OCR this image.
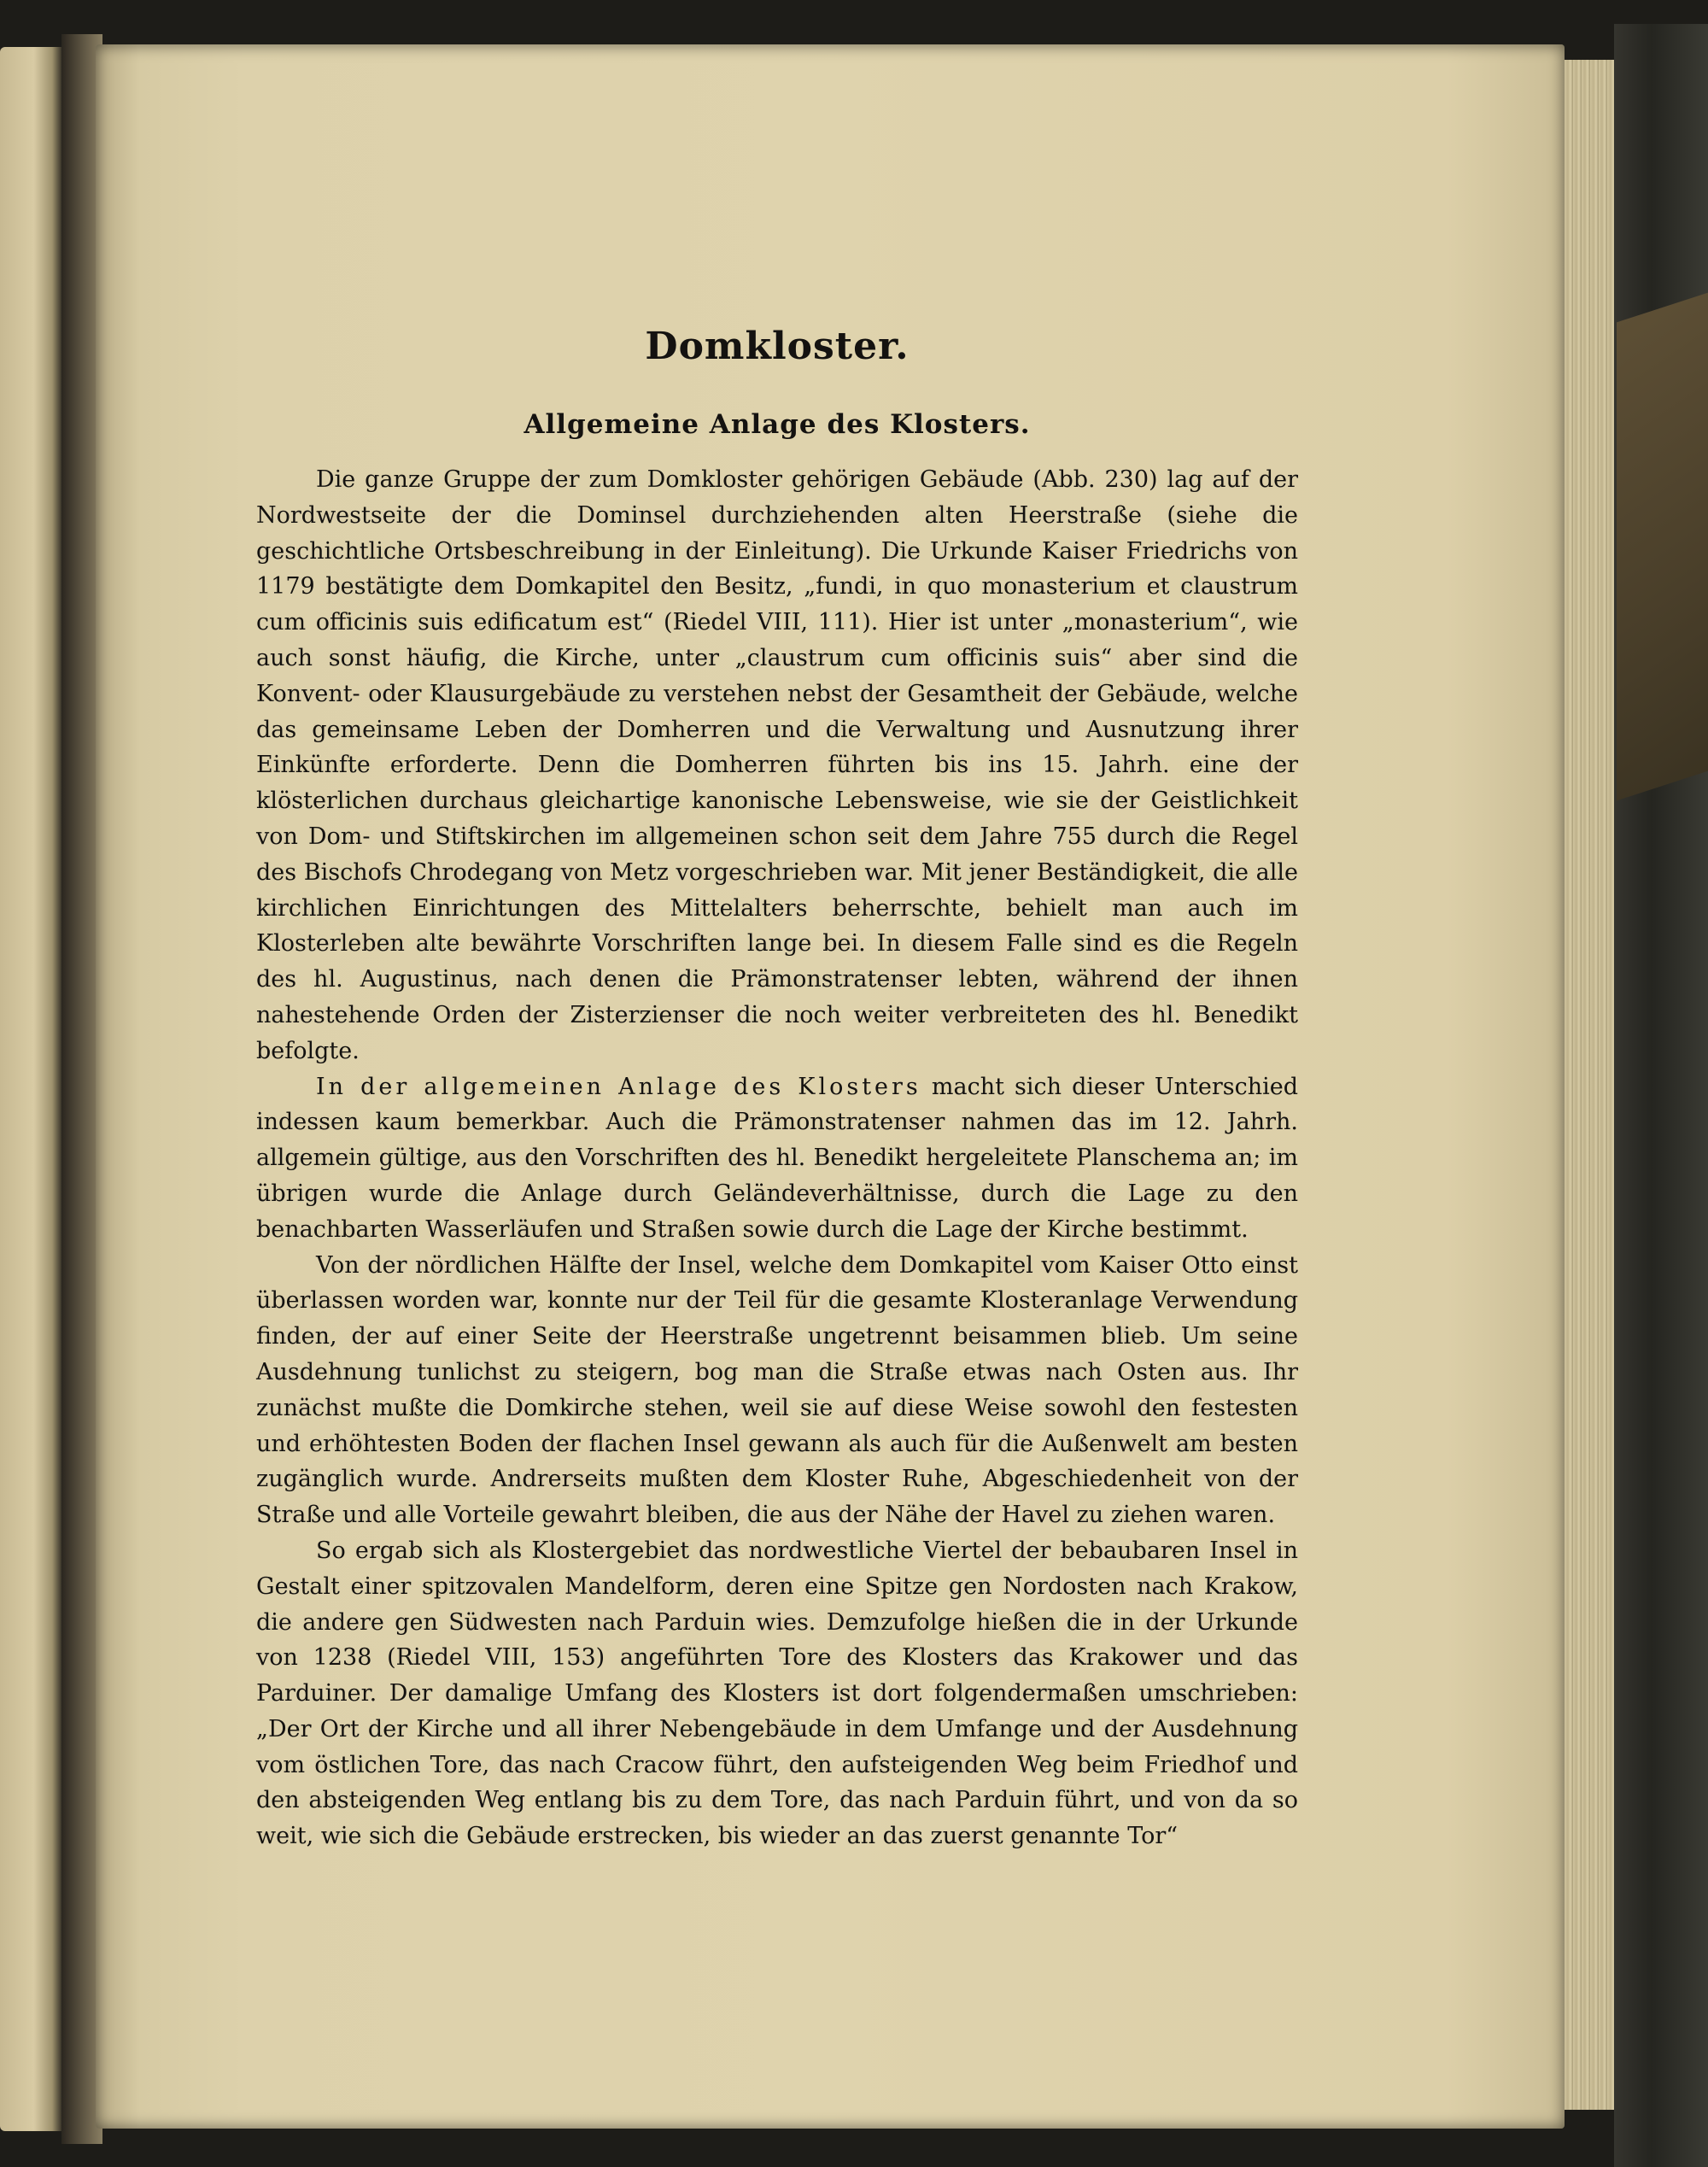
Domkloster.
Allgemeine Anlage des Klosters.

Die ganze Gruppe der zum Domkloster gehörigen Gebäude (Abb. 230) lag auf der Nordwestseite der die Dominsel durchziehenden alten Heerstraße (siehe die geschichtliche Ortsbeschreibung in der Einleitung). Die Urkunde Kaiser Friedrichs von 1179 bestätigte dem Domkapitel den Besitz, „fundi, in quo monasterium et claustrum cum officinis suis edificatum est“ (Riedel VIII, 111). Hier ist unter „monasterium“, wie auch sonst häufig, die Kirche, unter „claustrum cum officinis suis“ aber sind die Konvent- oder Klausurgebäude zu verstehen nebst der Gesamtheit der Gebäude, welche das gemeinsame Leben der Domherren und die Verwaltung und Ausnutzung ihrer Einkünfte erforderte. Denn die Domherren führten bis ins 15. Jahrh. eine der klösterlichen durchaus gleichartige kanonische Lebensweise, wie sie der Geistlichkeit von Dom- und Stiftskirchen im allgemeinen schon seit dem Jahre 755 durch die Regel des Bischofs Chrodegang von Metz vorgeschrieben war. Mit jener Beständigkeit, die alle kirchlichen Einrichtungen des Mittelalters beherrschte, behielt man auch im Klosterleben alte bewährte Vorschriften lange bei. In diesem Falle sind es die Regeln des hl. Augustinus, nach denen die Prämonstratenser lebten, während der ihnen nahestehende Orden der Zisterzienser die noch weiter verbreiteten des hl. Benedikt befolgte.

In der allgemeinen Anlage des Klosters macht sich dieser Unterschied indessen kaum bemerkbar. Auch die Prämonstratenser nahmen das im 12. Jahrh. allgemein gültige, aus den Vorschriften des hl. Benedikt hergeleitete Planschema an; im übrigen wurde die Anlage durch Geländeverhältnisse, durch die Lage zu den benachbarten Wasserläufen und Straßen sowie durch die Lage der Kirche bestimmt.

Von der nördlichen Hälfte der Insel, welche dem Domkapitel vom Kaiser Otto einst überlassen worden war, konnte nur der Teil für die gesamte Klosteranlage Verwendung finden, der auf einer Seite der Heerstraße ungetrennt beisammen blieb. Um seine Ausdehnung tunlichst zu steigern, bog man die Straße etwas nach Osten aus. Ihr zunächst mußte die Domkirche stehen, weil sie auf diese Weise sowohl den festesten und erhöhtesten Boden der flachen Insel gewann als auch für die Außenwelt am besten zugänglich wurde. Andrerseits mußten dem Kloster Ruhe, Abgeschiedenheit von der Straße und alle Vorteile gewahrt bleiben, die aus der Nähe der Havel zu ziehen waren.

So ergab sich als Klostergebiet das nordwestliche Viertel der bebaubaren Insel in Gestalt einer spitzovalen Mandelform, deren eine Spitze gen Nordosten nach Krakow, die andere gen Südwesten nach Parduin wies. Demzufolge hießen die in der Urkunde von 1238 (Riedel VIII, 153) angeführten Tore des Klosters das Krakower und das Parduiner. Der damalige Umfang des Klosters ist dort folgendermaßen umschrieben: „Der Ort der Kirche und all ihrer Nebengebäude in dem Umfange und der Ausdehnung vom östlichen Tore, das nach Cracow führt, den aufsteigenden Weg beim Friedhof und den absteigenden Weg entlang bis zu dem Tore, das nach Parduin führt, und von da so weit, wie sich die Gebäude erstrecken, bis wieder an das zuerst genannte Tor“
